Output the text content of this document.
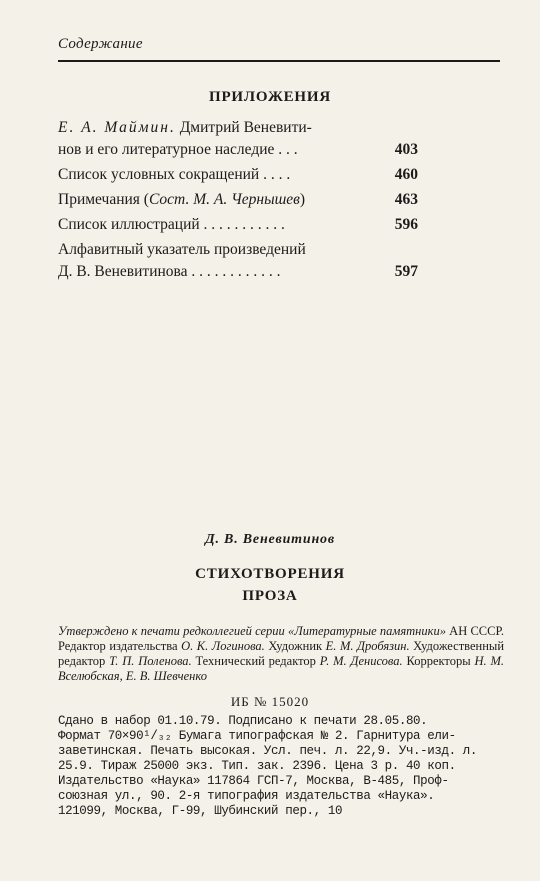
Содержание
ПРИЛОЖЕНИЯ
Е. А. Маймин. Дмитрий Веневити-
нов и его литературное наследие . . .	403
Список условных сокращений . . . .	460
Примечания (Сост. М. А. Чернышев)	463
Список иллюстраций . . . . . . . . . . .	596
Алфавитный указатель произведений
Д. В. Веневитинова . . . . . . . . . . . .	597
Д. В. Веневитинов
СТИХОТВОРЕНИЯ
ПРОЗА
Утверждено к печати редколлегией серии «Литературные памятники» АН СССР. Редактор издательства О. К. Логинова. Художник Е. М. Дробязин. Художественный редактор Т. П. Поленова. Технический редактор Р. М. Денисова. Корректоры Н. М. Вселюбская, Е. В. Шевченко
ИБ № 15020
Сдано в набор 01.10.79. Подписано к печати 28.05.80.
Формат 70×90¹/₃₂ Бумага типографская № 2. Гарнитура ели-
заветинская. Печать высокая. Усл. печ. л. 22,9. Уч.-изд. л.
25.9. Тираж 25000 экз. Тип. зак. 2396. Цена 3 р. 40 коп.
Издательство «Наука» 117864 ГСП-7, Москва, В-485, Проф-
союзная ул., 90. 2-я типография издательства «Наука».
121099, Москва, Г-99, Шубинский пер., 10
